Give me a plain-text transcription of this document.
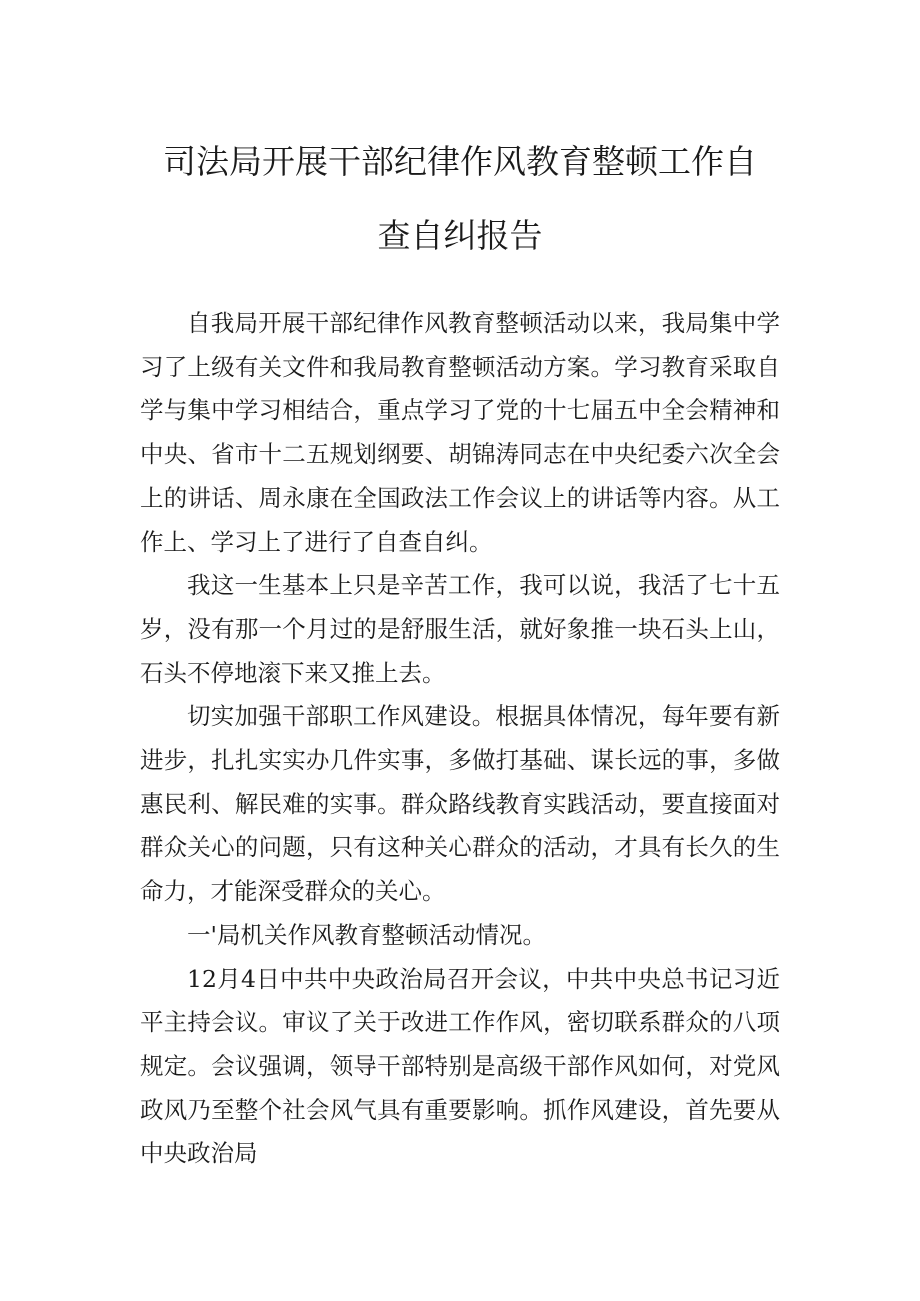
司法局开展干部纪律作风教育整顿工作自
查自纠报告

自我局开展干部纪律作风教育整顿活动以来，我局集中学习了上级有关文件和我局教育整顿活动方案。学习教育采取自学与集中学习相结合，重点学习了党的十七届五中全会精神和中央、省市十二五规划纲要、胡锦涛同志在中央纪委六次全会上的讲话、周永康在全国政法工作会议上的讲话等内容。从工作上、学习上了进行了自查自纠。

我这一生基本上只是辛苦工作，我可以说，我活了七十五岁，没有那一个月过的是舒服生活，就好象推一块石头上山，石头不停地滚下来又推上去。

切实加强干部职工作风建设。根据具体情况，每年要有新进步，扎扎实实办几件实事，多做打基础、谋长远的事，多做惠民利、解民难的实事。群众路线教育实践活动，要直接面对群众关心的问题，只有这种关心群众的活动，才具有长久的生命力，才能深受群众的关心。

一'局机关作风教育整顿活动情况。

12月4日中共中央政治局召开会议，中共中央总书记习近平主持会议。审议了关于改进工作作风，密切联系群众的八项规定。会议强调，领导干部特别是高级干部作风如何，对党风政风乃至整个社会风气具有重要影响。抓作风建设，首先要从中央政治局
